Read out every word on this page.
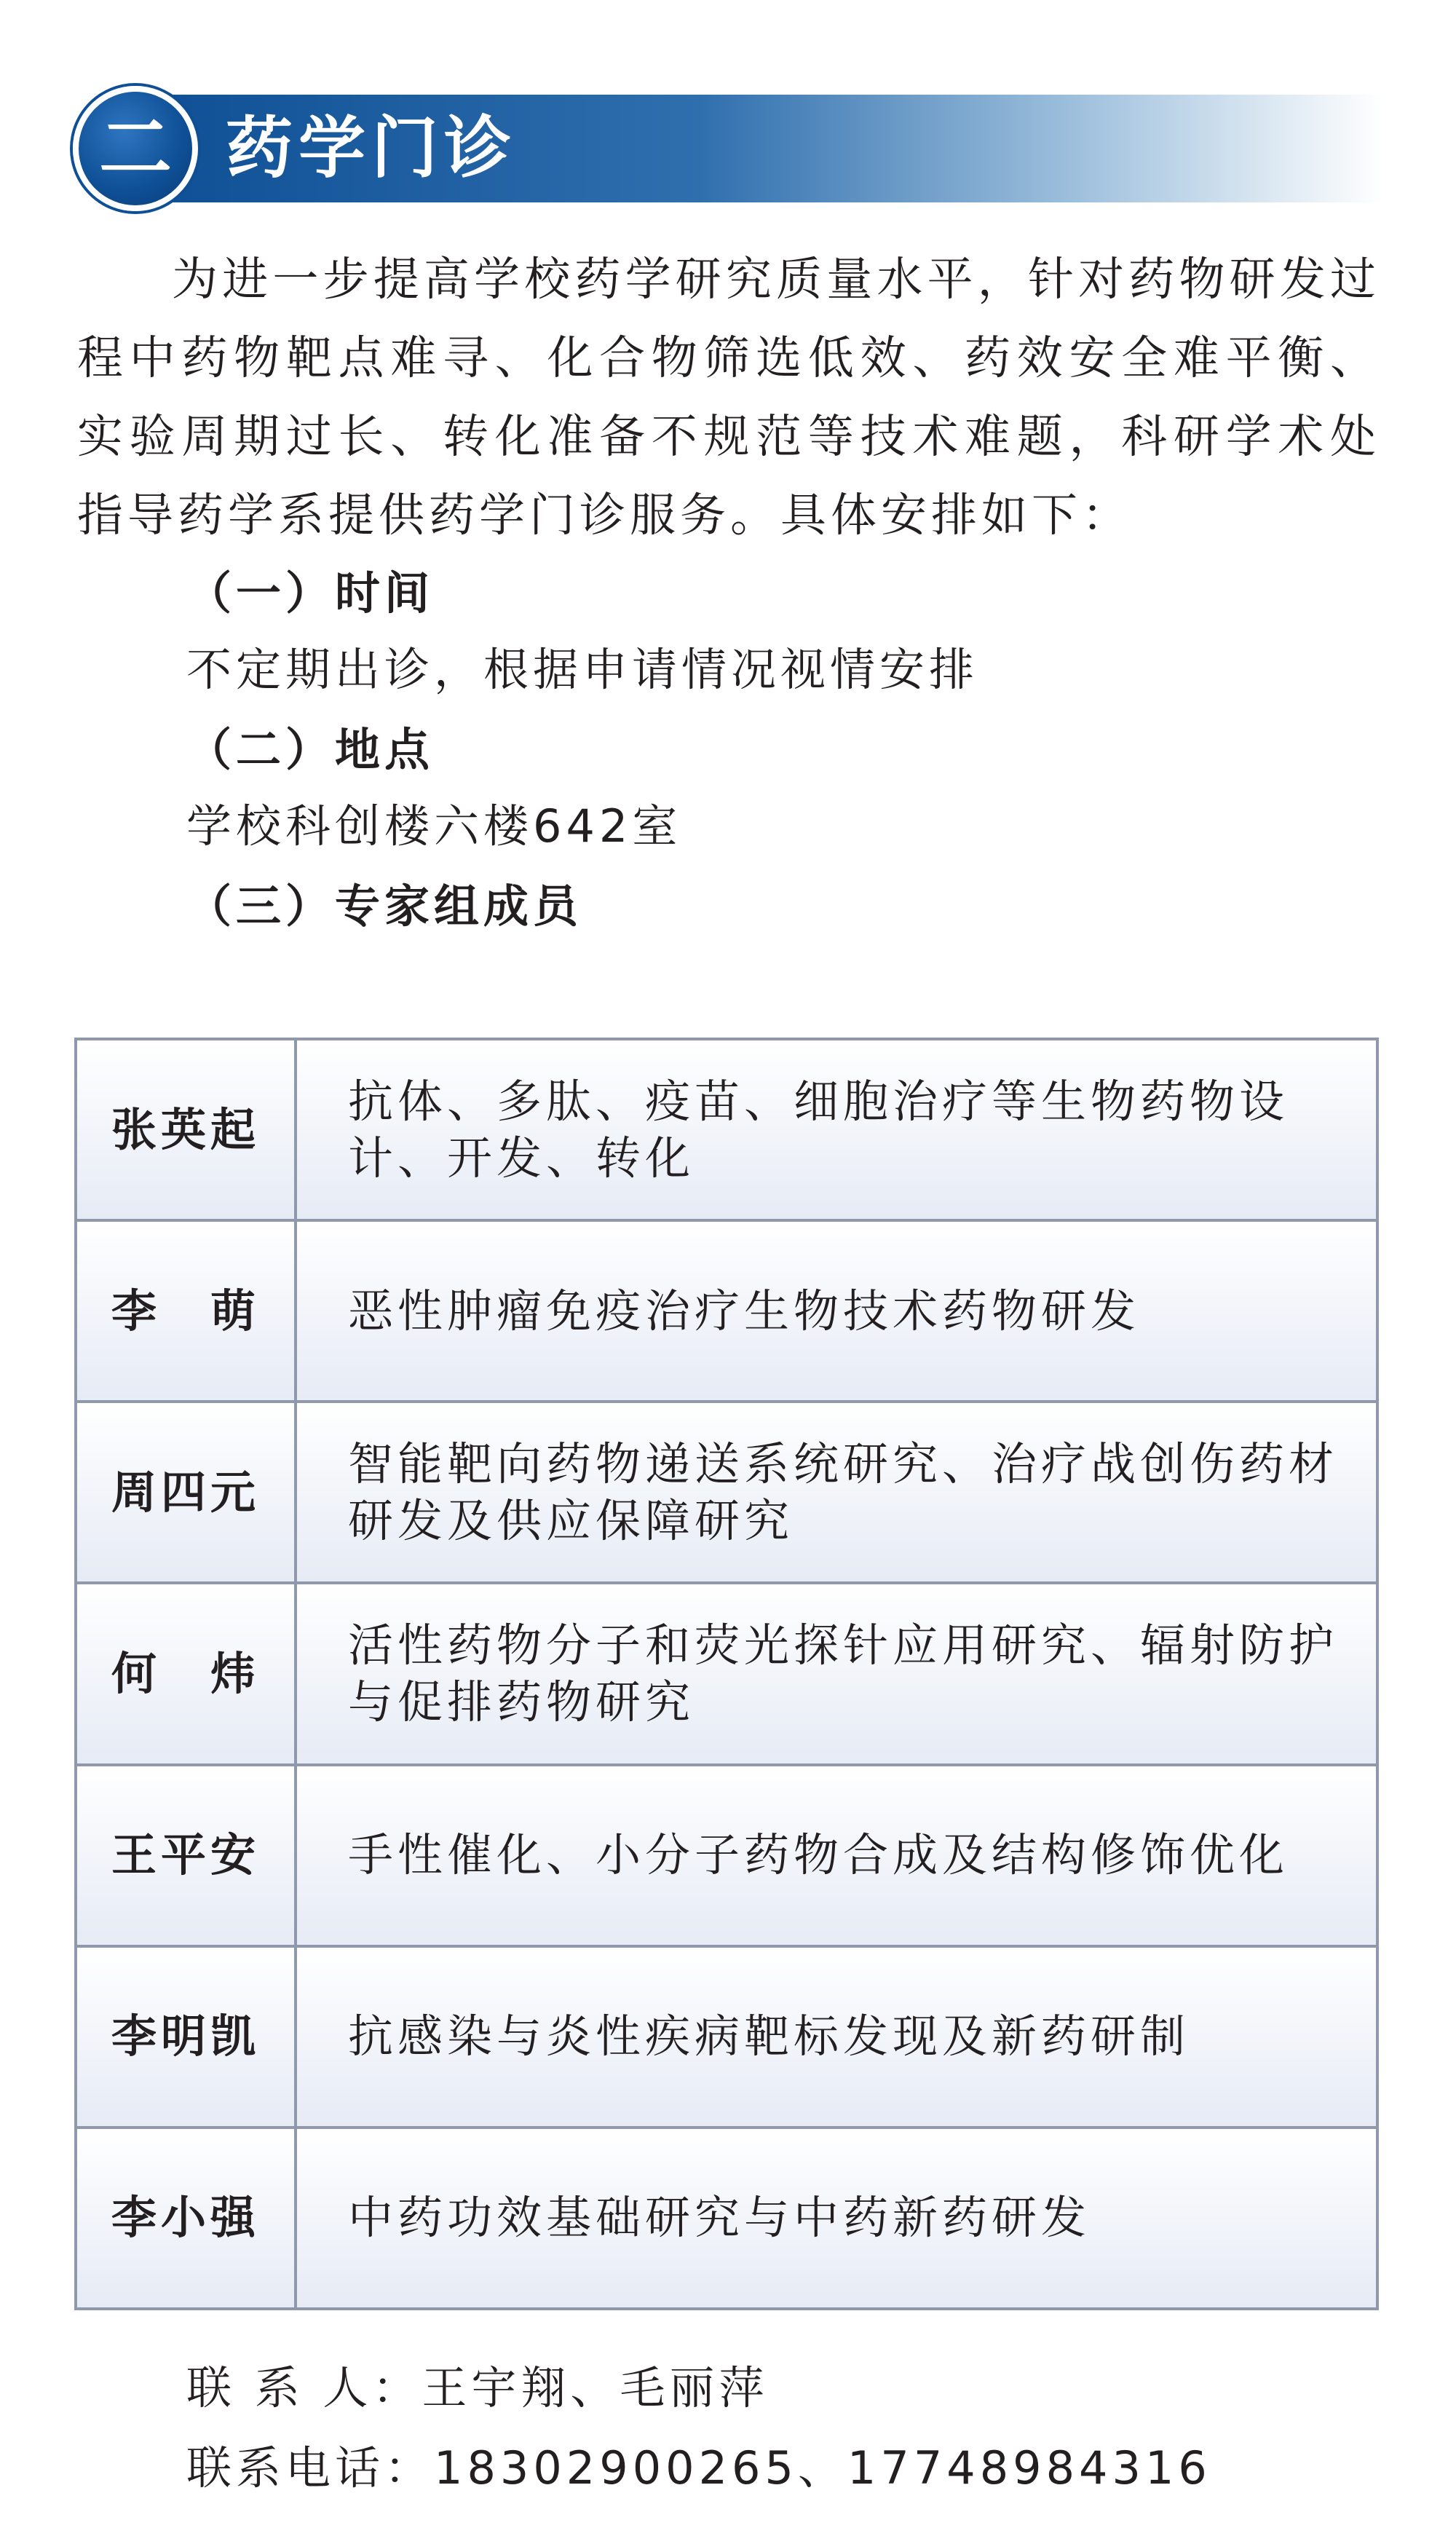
二 药学门诊
为进一步提高学校药学研究质量水平，针对药物研发过程中药物靶点难寻、化合物筛选低效、药效安全难平衡、实验周期过长、转化准备不规范等技术难题，科研学术处指导药学系提供药学门诊服务。具体安排如下：
（一）时间
不定期出诊，根据申请情况视情安排
（二）地点
学校科创楼六楼642室
（三）专家组成员
张英起	抗体、多肽、疫苗、细胞治疗等生物药物设计、开发、转化
李　萌	恶性肿瘤免疫治疗生物技术药物研发
周四元	智能靶向药物递送系统研究、治疗战创伤药材研发及供应保障研究
何　炜	活性药物分子和荧光探针应用研究、辐射防护与促排药物研究
王平安	手性催化、小分子药物合成及结构修饰优化
李明凯	抗感染与炎性疾病靶标发现及新药研制
李小强	中药功效基础研究与中药新药研发
联 系 人：王宇翔、毛丽萍
联系电话：18302900265、17748984316
